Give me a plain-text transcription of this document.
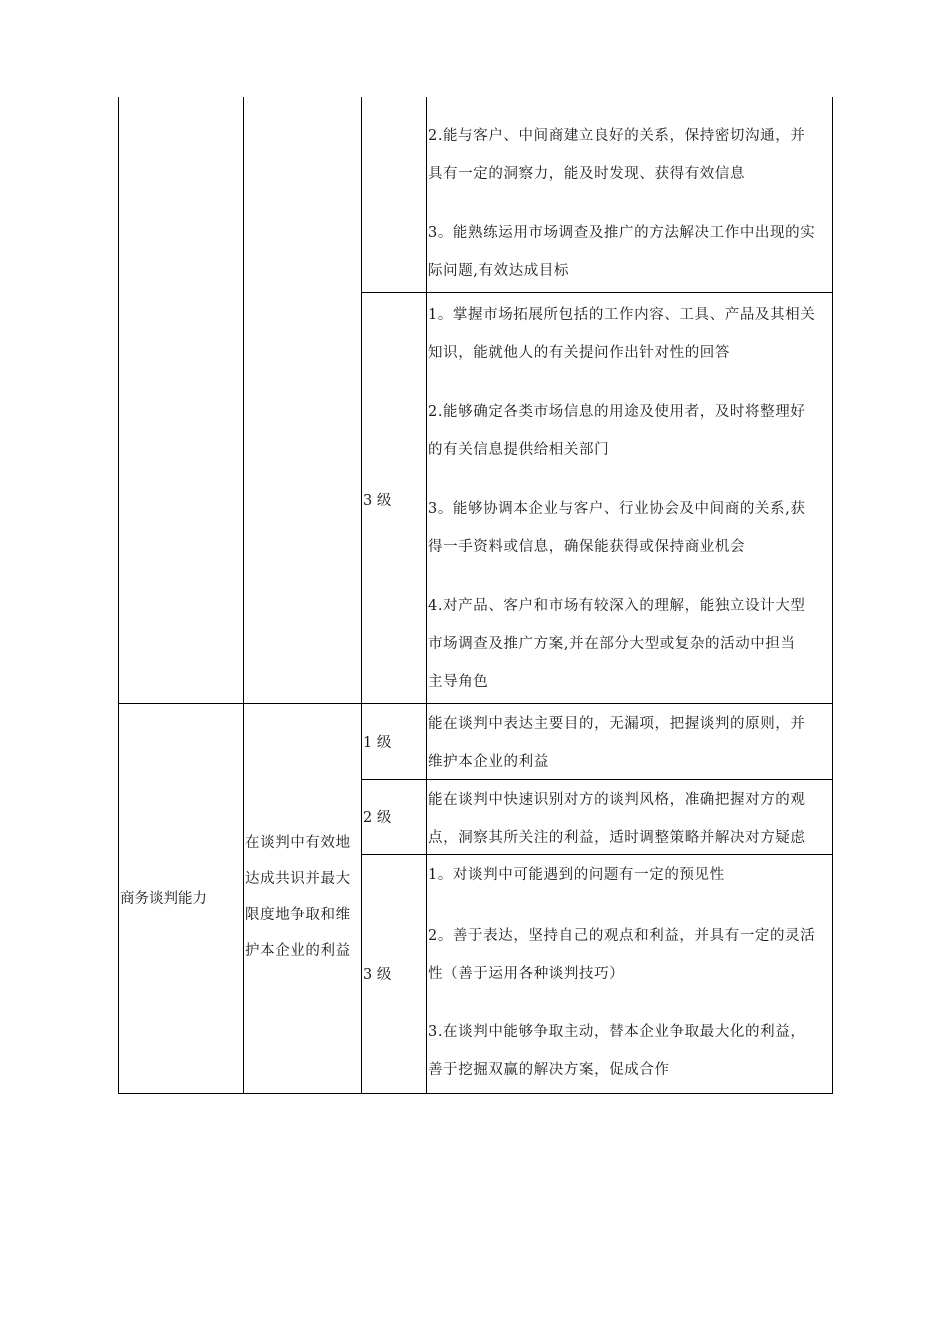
2.能与客户、中间商建立良好的关系，保持密切沟通，并
具有一定的洞察力，能及时发现、获得有效信息
3。能熟练运用市场调查及推广的方法解决工作中出现的实
际问题,有效达成目标
3 级
1。掌握市场拓展所包括的工作内容、工具、产品及其相关
知识，能就他人的有关提问作出针对性的回答
2.能够确定各类市场信息的用途及使用者，及时将整理好
的有关信息提供给相关部门
3。能够协调本企业与客户、行业协会及中间商的关系,获
得一手资料或信息，确保能获得或保持商业机会
4.对产品、客户和市场有较深入的理解，能独立设计大型
市场调查及推广方案,并在部分大型或复杂的活动中担当
主导角色
商务谈判能力
在谈判中有效地
达成共识并最大
限度地争取和维
护本企业的利益
1 级
能在谈判中表达主要目的，无漏项，把握谈判的原则，并
维护本企业的利益
2 级
能在谈判中快速识别对方的谈判风格，准确把握对方的观
点，洞察其所关注的利益，适时调整策略并解决对方疑虑
3 级
1。对谈判中可能遇到的问题有一定的预见性
2。善于表达，坚持自己的观点和利益，并具有一定的灵活
性（善于运用各种谈判技巧）
3.在谈判中能够争取主动，替本企业争取最大化的利益，
善于挖掘双赢的解决方案，促成合作
